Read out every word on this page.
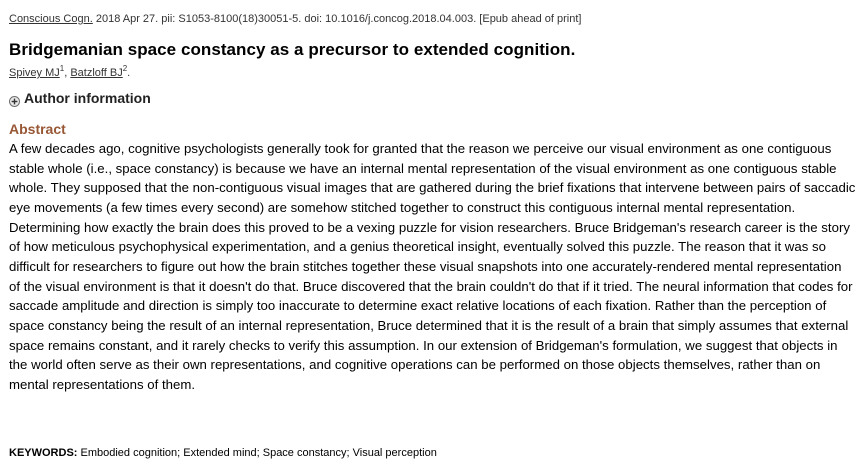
Conscious Cogn. 2018 Apr 27. pii: S1053-8100(18)30051-5. doi: 10.1016/j.concog.2018.04.003. [Epub ahead of print]
Bridgemanian space constancy as a precursor to extended cognition.
Spivey $MJ^1$, Batzloff $BJ^2$.
Author information
Abstract
A few decades ago, cognitive psychologists generally took for granted that the reason we perceive our visual environment as one contiguous stable whole (i.e., space constancy) is because we have an internal mental representation of the visual environment as one contiguous stable whole. They supposed that the non-contiguous visual images that are gathered during the brief fixations that intervene between pairs of saccadic eye movements (a few times every second) are somehow stitched together to construct this contiguous internal mental representation. Determining how exactly the brain does this proved to be a vexing puzzle for vision researchers. Bruce Bridgeman's research career is the story of how meticulous psychophysical experimentation, and a genius theoretical insight, eventually solved this puzzle. The reason that it was so difficult for researchers to figure out how the brain stitches together these visual snapshots into one accurately-rendered mental representation of the visual environment is that it doesn't do that. Bruce discovered that the brain couldn't do that if it tried. The neural information that codes for saccade amplitude and direction is simply too inaccurate to determine exact relative locations of each fixation. Rather than the perception of space constancy being the result of an internal representation, Bruce determined that it is the result of a brain that simply assumes that external space remains constant, and it rarely checks to verify this assumption. In our extension of Bridgeman's formulation, we suggest that objects in the world often serve as their own representations, and cognitive operations can be performed on those objects themselves, rather than on mental representations of them.
KEYWORDS: Embodied cognition; Extended mind; Space constancy; Visual perception
